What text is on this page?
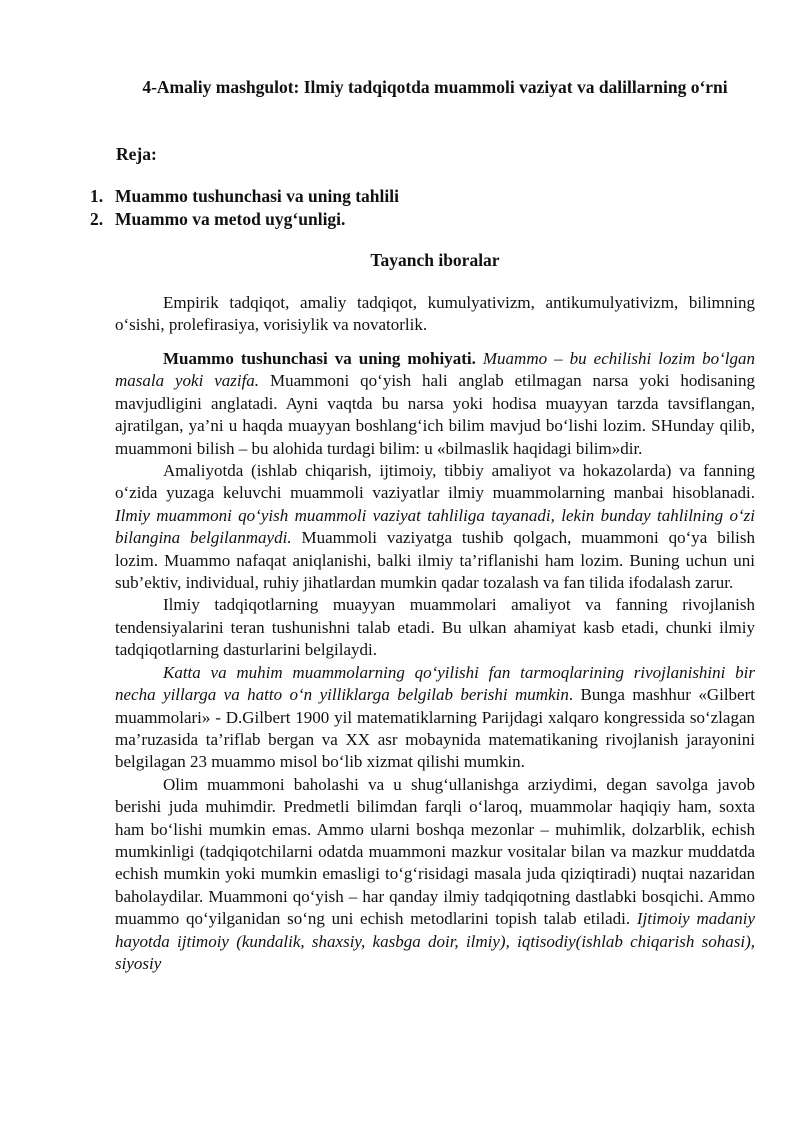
4-Amaliy mashgulot: Ilmiy tadqiqotda muammoli vaziyat va dalillarning o‘rni
Reja:
1. Muammo tushunchasi va uning tahlili
2. Muammo va metod uyg‘unligi.
Tayanch iboralar

Empirik tadqiqot, amaliy tadqiqot, kumulyativizm, antikumulyativizm, bilimning o‘sishi, prolefirasiya, vorisiylik va novatorlik.

Muammo tushunchasi va uning mohiyati. Muammo – bu echilishi lozim bo‘lgan masala yoki vazifa. Muammoni qo‘yish hali anglab etilmagan narsa yoki hodisaning mavjudligini anglatadi. Ayni vaqtda bu narsa yoki hodisa muayyan tarzda tavsiflangan, ajratilgan, ya’ni u haqda muayyan boshlang‘ich bilim mavjud bo‘lishi lozim. SHunday qilib, muammoni bilish – bu alohida turdagi bilim: u «bilmaslik haqidagi bilim»dir.

Amaliyotda (ishlab chiqarish, ijtimoiy, tibbiy amaliyot va hokazolarda) va fanning o‘zida yuzaga keluvchi muammoli vaziyatlar ilmiy muammolarning manbai hisoblanadi. Ilmiy muammoni qo‘yish muammoli vaziyat tahliliga tayanadi, lekin bunday tahlilning o‘zi bilangina belgilanmaydi. Muammoli vaziyatga tushib qolgach, muammoni qo‘ya bilish lozim. Muammo nafaqat aniqlanishi, balki ilmiy ta’riflanishi ham lozim. Buning uchun uni sub’ektiv, individual, ruhiy jihatlardan mumkin qadar tozalash va fan tilida ifodalash zarur.

Ilmiy tadqiqotlarning muayyan muammolari amaliyot va fanning rivojlanish tendensiyalarini teran tushunishni talab etadi. Bu ulkan ahamiyat kasb etadi, chunki ilmiy tadqiqotlarning dasturlarini belgilaydi.

Katta va muhim muammolarning qo‘yilishi fan tarmoqlarining rivojlanishini bir necha yillarga va hatto o‘n yilliklarga belgilab berishi mumkin. Bunga mashhur «Gilbert muammolari» - D.Gilbert 1900 yil matematiklarning Parijdagi xalqaro kongressida so‘zlagan ma’ruzasida ta’riflab bergan va XX asr mobaynida matematikaning rivojlanish jarayonini belgilagan 23 muammo misol bo‘lib xizmat qilishi mumkin.

Olim muammoni baholashi va u shug‘ullanishga arziydimi, degan savolga javob berishi juda muhimdir. Predmetli bilimdan farqli o‘laroq, muammolar haqiqiy ham, soxta ham bo‘lishi mumkin emas. Ammo ularni boshqa mezonlar – muhimlik, dolzarblik, echish mumkinligi (tadqiqotchilarni odatda muammoni mazkur vositalar bilan va mazkur muddatda echish mumkin yoki mumkin emasligi to‘g‘risidagi masala juda qiziqtiradi) nuqtai nazaridan baholaydilar. Muammoni qo‘yish – har qanday ilmiy tadqiqotning dastlabki bosqichi. Ammo muammo qo‘yilganidan so‘ng uni echish metodlarini topish talab etiladi. Ijtimoiy madaniy hayotda ijtimoiy (kundalik, shaxsiy, kasbga doir, ilmiy), iqtisodiy(ishlab chiqarish sohasi), siyosiy
